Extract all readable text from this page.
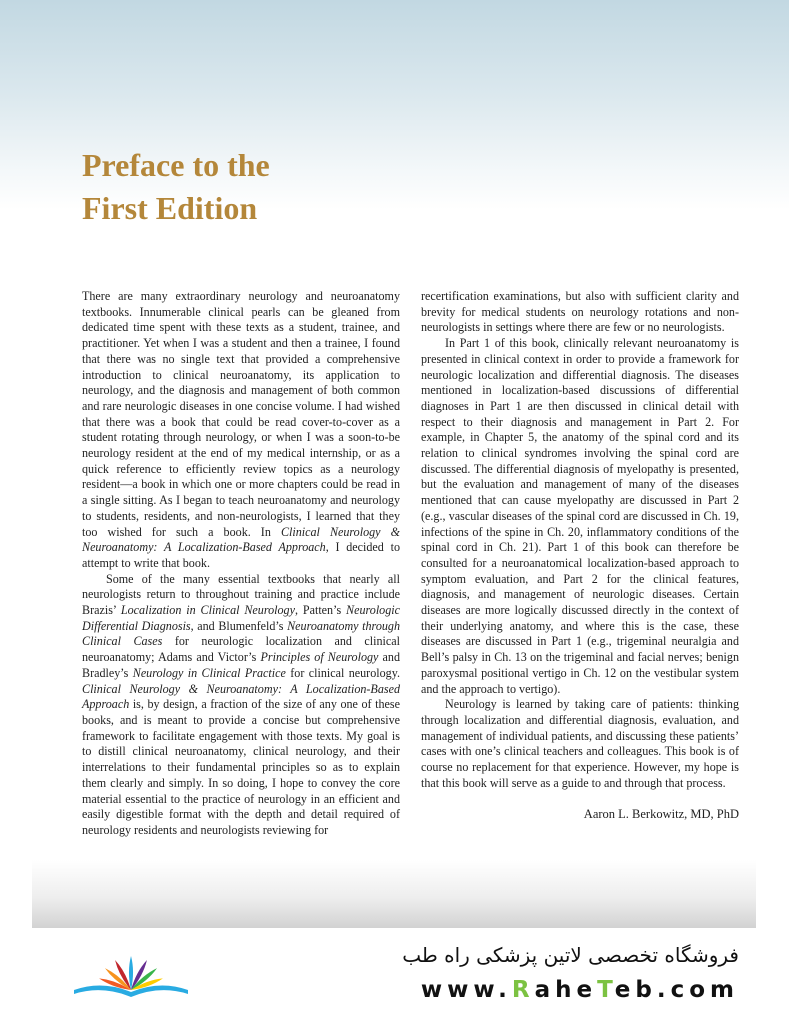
Preface to the
First Edition

There are many extraordinary neurology and neuroanatomy textbooks. Innumerable clinical pearls can be gleaned from dedicated time spent with these texts as a student, trainee, and practitioner. Yet when I was a student and then a trainee, I found that there was no single text that provided a comprehensive introduction to clinical neuroanatomy, its application to neurology, and the diagnosis and management of both common and rare neurologic diseases in one concise volume. I had wished that there was a book that could be read cover-to-cover as a student rotating through neurology, or when I was a soon-to-be neurology resident at the end of my medical internship, or as a quick reference to efficiently review topics as a neurology resident—a book in which one or more chapters could be read in a single sitting. As I began to teach neuroanatomy and neurology to students, residents, and non-neurologists, I learned that they too wished for such a book. In Clinical Neurology & Neuroanatomy: A Localization-Based Approach, I decided to attempt to write that book.

Some of the many essential textbooks that nearly all neurologists return to throughout training and practice include Brazis’ Localization in Clinical Neurology, Patten’s Neurologic Differential Diagnosis, and Blumenfeld’s Neuroanatomy through Clinical Cases for neurologic localization and clinical neuroanatomy; Adams and Victor’s Principles of Neurology and Bradley’s Neurology in Clinical Practice for clinical neurology. Clinical Neurology & Neuroanatomy: A Localization-Based Approach is, by design, a fraction of the size of any one of these books, and is meant to provide a concise but comprehensive framework to facilitate engagement with those texts. My goal is to distill clinical neuroanatomy, clinical neurology, and their interrelations to their fundamental principles so as to explain them clearly and simply. In so doing, I hope to convey the core material essential to the practice of neurology in an efficient and easily digestible format with the depth and detail required of neurology residents and neurologists reviewing for

recertification examinations, but also with sufficient clarity and brevity for medical students on neurology rotations and non-neurologists in settings where there are few or no neurologists.

In Part 1 of this book, clinically relevant neuroanatomy is presented in clinical context in order to provide a framework for neurologic localization and differential diagnosis. The diseases mentioned in localization-based discussions of differential diagnoses in Part 1 are then discussed in clinical detail with respect to their diagnosis and management in Part 2. For example, in Chapter 5, the anatomy of the spinal cord and its relation to clinical syndromes involving the spinal cord are discussed. The differential diagnosis of myelopathy is presented, but the evaluation and management of many of the diseases mentioned that can cause myelopathy are discussed in Part 2 (e.g., vascular diseases of the spinal cord are discussed in Ch. 19, infections of the spine in Ch. 20, inflammatory conditions of the spinal cord in Ch. 21). Part 1 of this book can therefore be consulted for a neuroanatomical localization-based approach to symptom evaluation, and Part 2 for the clinical features, diagnosis, and management of neurologic diseases. Certain diseases are more logically discussed directly in the context of their underlying anatomy, and where this is the case, these diseases are discussed in Part 1 (e.g., trigeminal neuralgia and Bell’s palsy in Ch. 13 on the trigeminal and facial nerves; benign paroxysmal positional vertigo in Ch. 12 on the vestibular system and the approach to vertigo).

Neurology is learned by taking care of patients: thinking through localization and differential diagnosis, evaluation, and management of individual patients, and discussing these patients’ cases with one’s clinical teachers and colleagues. This book is of course no replacement for that experience. However, my hope is that this book will serve as a guide to and through that process.

Aaron L. Berkowitz, MD, PhD
فروشگاه تخصصی لاتین پزشکی راه طب
www.RaheTeb.com
